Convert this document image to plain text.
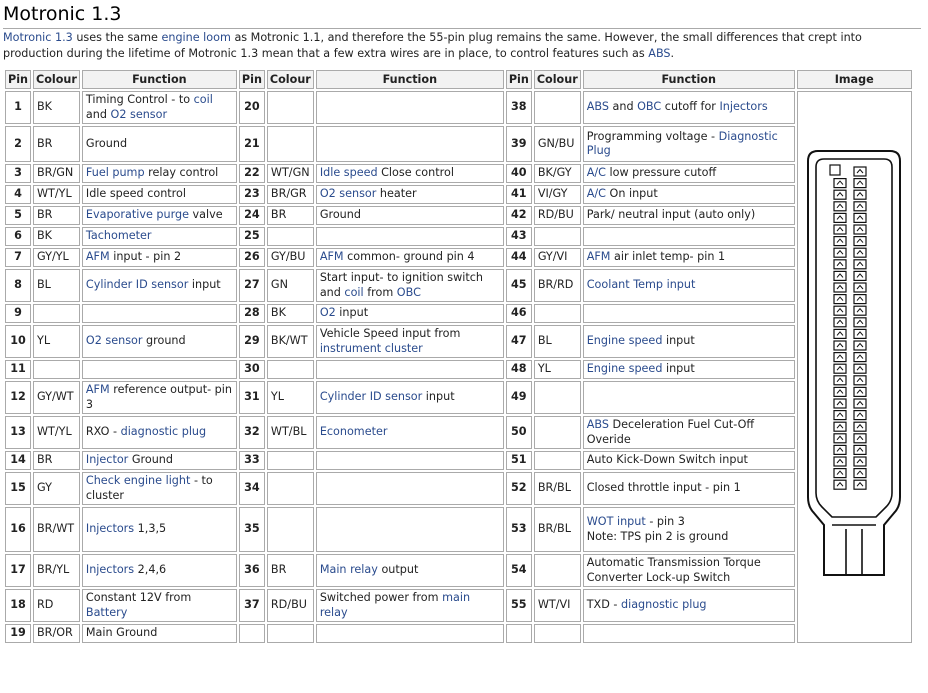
Motronic 1.3

Motronic 1.3 uses the same engine loom as Motronic 1.1, and therefore the 55-pin plug remains the same. However, the small differences that crept into production during the lifetime of Motronic 1.3 mean that a few extra wires are in place, to control features such as ABS.

Pin	Colour	Function	Pin	Colour	Function	Pin	Colour	Function	Image
1	BK	Timing Control - to coil and O2 sensor	20			38		ABS and OBC cutoff for Injectors	
2	BR	Ground	21			39	GN/BU	Programming voltage - Diagnostic Plug	
3	BR/GN	Fuel pump relay control	22	WT/GN	Idle speed Close control	40	BK/GY	A/C low pressure cutoff	
4	WT/YL	Idle speed control	23	BR/GR	O2 sensor heater	41	VI/GY	A/C On input	
5	BR	Evaporative purge valve	24	BR	Ground	42	RD/BU	Park/ neutral input (auto only)	
6	BK	Tachometer	25			43			
7	GY/YL	AFM input - pin 2	26	GY/BU	AFM common- ground pin 4	44	GY/VI	AFM air inlet temp- pin 1	
8	BL	Cylinder ID sensor input	27	GN	Start input- to ignition switch and coil from OBC	45	BR/RD	Coolant Temp input	
9			28	BK	O2 input	46			
10	YL	O2 sensor ground	29	BK/WT	Vehicle Speed input from instrument cluster	47	BL	Engine speed input	
11			30			48	YL	Engine speed input	
12	GY/WT	AFM reference output- pin 3	31	YL	Cylinder ID sensor input	49			
13	WT/YL	RXO - diagnostic plug	32	WT/BL	Econometer	50		ABS Deceleration Fuel Cut-Off Overide	
14	BR	Injector Ground	33			51		Auto Kick-Down Switch input	
15	GY	Check engine light - to cluster	34			52	BR/BL	Closed throttle input - pin 1	
16	BR/WT	Injectors 1,3,5	35			53	BR/BL	WOT input - pin 3
Note: TPS pin 2 is ground	
17	BR/YL	Injectors 2,4,6	36	BR	Main relay output	54		Automatic Transmission Torque Converter Lock-up Switch	
18	RD	Constant 12V from Battery	37	RD/BU	Switched power from main relay	55	WT/VI	TXD - diagnostic plug	
19	BR/OR	Main Ground							
